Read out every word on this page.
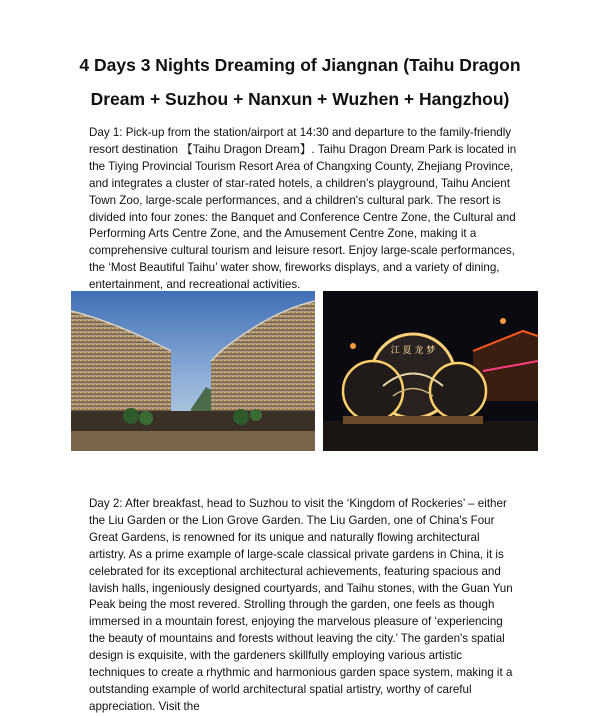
4 Days 3 Nights Dreaming of Jiangnan (Taihu Dragon
Dream + Suzhou + Nanxun + Wuzhen + Hangzhou)

Day 1: Pick-up from the station/airport at 14:30 and departure to the family-friendly resort destination 【Taihu Dragon Dream】. Taihu Dragon Dream Park is located in the Tiying Provincial Tourism Resort Area of Changxing County, Zhejiang Province, and integrates a cluster of star-rated hotels, a children's playground, Taihu Ancient Town Zoo, large-scale performances, and a children's cultural park. The resort is divided into four zones: the Banquet and Conference Centre Zone, the Cultural and Performing Arts Centre Zone, and the Amusement Centre Zone, making it a comprehensive cultural tourism and leisure resort. Enjoy large-scale performances, the ‘Most Beautiful Taihu’ water show, fireworks displays, and a variety of dining, entertainment, and recreational activities.

江 夏 龙 梦

Day 2: After breakfast, head to Suzhou to visit the ‘Kingdom of Rockeries’ – either the Liu Garden or the Lion Grove Garden. The Liu Garden, one of China's Four Great Gardens, is renowned for its unique and naturally flowing architectural artistry. As a prime example of large-scale classical private gardens in China, it is celebrated for its exceptional architectural achievements, featuring spacious and lavish halls, ingeniously designed courtyards, and Taihu stones, with the Guan Yun Peak being the most revered. Strolling through the garden, one feels as though immersed in a mountain forest, enjoying the marvelous pleasure of ‘experiencing the beauty of mountains and forests without leaving the city.’ The garden's spatial design is exquisite, with the gardeners skillfully employing various artistic techniques to create a rhythmic and harmonious garden space system, making it a outstanding example of world architectural spatial artistry, worthy of careful appreciation. Visit the
